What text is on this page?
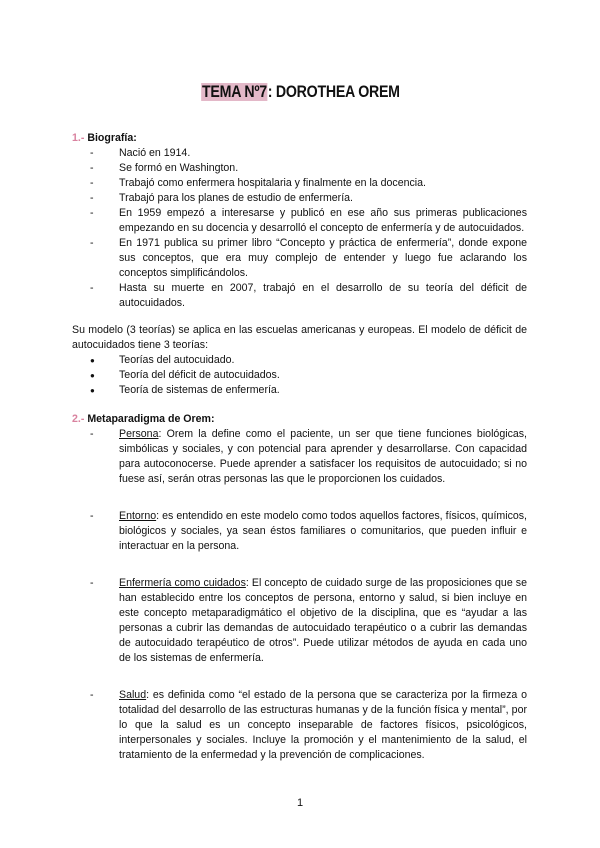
TEMA Nº7: DOROTHEA OREM
1.- Biografía:
- Nació en 1914.
- Se formó en Washington.
- Trabajó como enfermera hospitalaria y finalmente en la docencia.
- Trabajó para los planes de estudio de enfermería.
- En 1959 empezó a interesarse y publicó en ese año sus primeras publicaciones empezando en su docencia y desarrolló el concepto de enfermería y de autocuidados.
- En 1971 publica su primer libro “Concepto y práctica de enfermería”, donde expone sus conceptos, que era muy complejo de entender y luego fue aclarando los conceptos simplificándolos.
- Hasta su muerte en 2007, trabajó en el desarrollo de su teoría del déficit de autocuidados.

Su modelo (3 teorías) se aplica en las escuelas americanas y europeas. El modelo de déficit de autocuidados tiene 3 teorías:

● Teorías del autocuidado.
● Teoría del déficit de autocuidados.
● Teoría de sistemas de enfermería.
2.- Metaparadigma de Orem:
- Persona: Orem la define como el paciente, un ser que tiene funciones biológicas, simbólicas y sociales, y con potencial para aprender y desarrollarse. Con capacidad para autoconocerse. Puede aprender a satisfacer los requisitos de autocuidado; si no fuese así, serán otras personas las que le proporcionen los cuidados.
- Entorno: es entendido en este modelo como todos aquellos factores, físicos, químicos, biológicos y sociales, ya sean éstos familiares o comunitarios, que pueden influir e interactuar en la persona.
- Enfermería como cuidados: El concepto de cuidado surge de las proposiciones que se han establecido entre los conceptos de persona, entorno y salud, si bien incluye en este concepto metaparadigmático el objetivo de la disciplina, que es “ayudar a las personas a cubrir las demandas de autocuidado terapéutico o a cubrir las demandas de autocuidado terapéutico de otros”. Puede utilizar métodos de ayuda en cada uno de los sistemas de enfermería.
- Salud: es definida como “el estado de la persona que se caracteriza por la firmeza o totalidad del desarrollo de las estructuras humanas y de la función física y mental”, por lo que la salud es un concepto inseparable de factores físicos, psicológicos, interpersonales y sociales. Incluye la promoción y el mantenimiento de la salud, el tratamiento de la enfermedad y la prevención de complicaciones.
1
